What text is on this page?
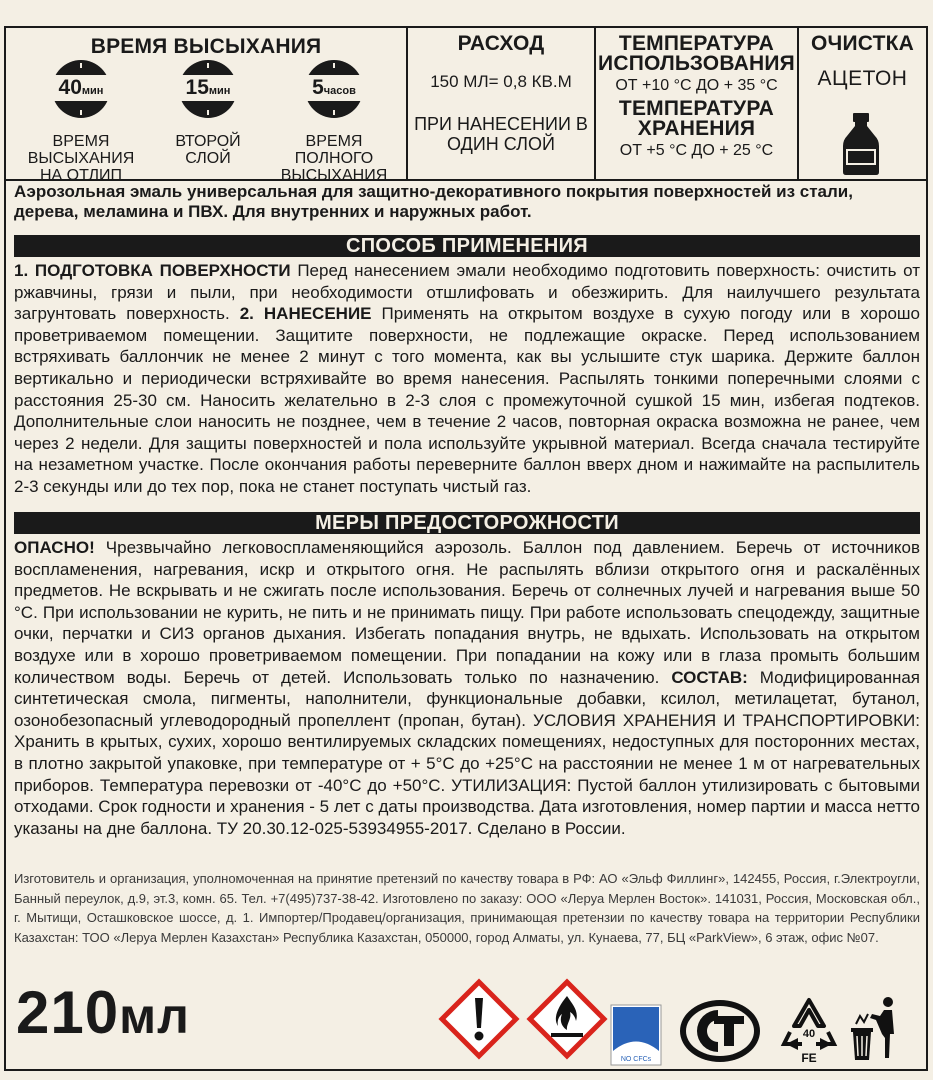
ВРЕМЯ ВЫСЫХАНИЯ
40мин
ВРЕМЯ ВЫСЫХАНИЯ
НА ОТЛИП
15мин
ВТОРОЙ
СЛОЙ
5часов
ВРЕМЯ ПОЛНОГО
ВЫСЫХАНИЯ
РАСХОД
150 МЛ= 0,8 КВ.М
ПРИ НАНЕСЕНИИ В
ОДИН СЛОЙ
ТЕМПЕРАТУРА
ИСПОЛЬЗОВАНИЯ
ОТ +10 °С ДО + 35 °С
ТЕМПЕРАТУРА
ХРАНЕНИЯ
ОТ +5 °С ДО + 25 °С
ОЧИСТКА
АЦЕТОН
Аэрозольная эмаль универсальная для защитно-декоративного покрытия поверхностей из стали, дерева, меламина и ПВХ. Для внутренних и наружных работ.
СПОСОБ ПРИМЕНЕНИЯ
1. ПОДГОТОВКА ПОВЕРХНОСТИ Перед нанесением эмали необходимо подготовить поверхность: очистить от ржавчины, грязи и пыли, при необходимости отшлифовать и обезжирить. Для наилучшего результата загрунтовать поверхность. 2. НАНЕСЕНИЕ Применять на открытом воздухе в сухую погоду или в хорошо проветриваемом помещении. Защитите поверхности, не подлежащие окраске. Перед использованием встряхивать баллончик не менее 2 минут с того момента, как вы услышите стук шарика. Держите баллон вертикально и периодически встряхивайте во время нанесения. Распылять тонкими поперечными слоями с расстояния 25-30 см. Наносить желательно в 2-3 слоя с промежуточной сушкой 15 мин, избегая подтеков. Дополнительные слои наносить не позднее, чем в течение 2 часов, повторная окраска возможна не ранее, чем через 2 недели. Для защиты поверхностей и пола используйте укрывной материал. Всегда сначала тестируйте на незаметном участке. После окончания работы переверните баллон вверх дном и нажимайте на распылитель 2-3 секунды или до тех пор, пока не станет поступать чистый газ.
МЕРЫ ПРЕДОСТОРОЖНОСТИ
ОПАСНО! Чрезвычайно легковоспламеняющийся аэрозоль. Баллон под давлением. Беречь от источников воспламенения, нагревания, искр и открытого огня. Не распылять вблизи открытого огня и раскалённых предметов. Не вскрывать и не сжигать после использования. Беречь от солнечных лучей и нагревания выше 50 °С. При использовании не курить, не пить и не принимать пищу. При работе использовать спецодежду, защитные очки, перчатки и СИЗ органов дыхания. Избегать попадания внутрь, не вдыхать. Использовать на открытом воздухе или в хорошо проветриваемом помещении. При попадании на кожу или в глаза промыть большим количеством воды. Беречь от детей. Использовать только по назначению. СОСТАВ: Модифицированная синтетическая смола, пигменты, наполнители, функциональные добавки, ксилол, метилацетат, бутанол, озонобезопасный углеводородный пропеллент (пропан, бутан). УСЛОВИЯ ХРАНЕНИЯ И ТРАНСПОРТИРОВКИ: Хранить в крытых, сухих, хорошо вентилируемых складских помещениях, недоступных для посторонних местах, в плотно закрытой упаковке, при температуре от + 5°С до +25°С на расстоянии не менее 1 м от нагревательных приборов. Температура перевозки от -40°С до +50°С. УТИЛИЗАЦИЯ: Пустой баллон утилизировать с бытовыми отходами. Срок годности и хранения - 5 лет с даты производства. Дата изготовления, номер партии и масса нетто указаны на дне баллона. ТУ 20.30.12-025-53934955-2017. Сделано в России.
Изготовитель и организация, уполномоченная на принятие претензий по качеству товара в РФ: АО «Эльф Филлинг», 142455, Россия, г.Электроугли, Банный переулок, д.9, эт.3, комн. 65. Тел. +7(495)737-38-42. Изготовлено по заказу: ООО «Леруа Мерлен Восток». 141031, Россия, Московская обл., г. Мытищи, Осташковское шоссе, д. 1. Импортер/Продавец/организация, принимающая претензии по качеству товара на территории Республики Казахстан: ТОО «Леруа Мерлен Казахстан» Республика Казахстан, 050000, город Алматы, ул. Кунаева, 77, БЦ «ParkView», 6 этаж, офис №07.
210мл
NO CFCs
40
FE
